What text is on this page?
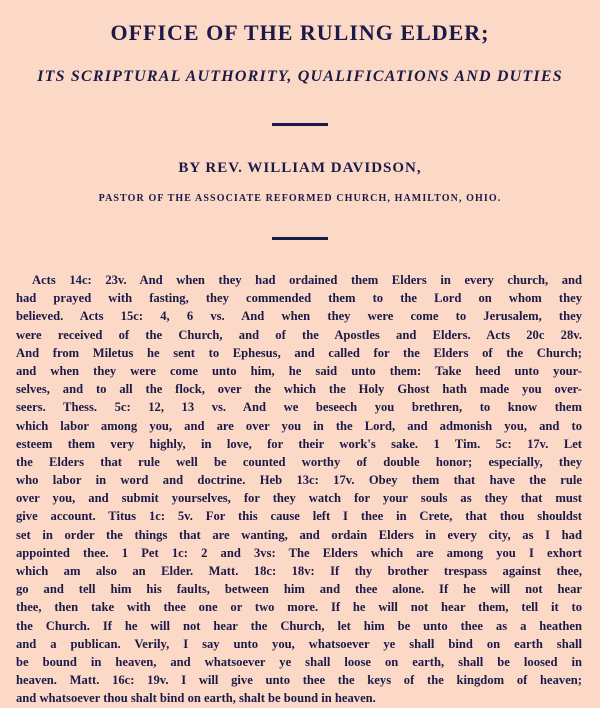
OFFICE OF THE RULING ELDER;
ITS SCRIPTURAL AUTHORITY, QUALIFICATIONS AND DUTIES
BY REV. WILLIAM DAVIDSON,
PASTOR OF THE ASSOCIATE REFORMED CHURCH, HAMILTON, OHIO.
Acts 14c: 23v. And when they had ordained them Elders in every church, and
had prayed with fasting, they commended them to the Lord on whom they
believed. Acts 15c: 4, 6 vs. And when they were come to Jerusalem, they
were received of the Church, and of the Apostles and Elders. Acts 20c 28v.
And from Miletus he sent to Ephesus, and called for the Elders of the Church;
and when they were come unto him, he said unto them: Take heed unto your-
selves, and to all the flock, over the which the Holy Ghost hath made you over-
seers. Thess. 5c: 12, 13 vs. And we beseech you brethren, to know them
which labor among you, and are over you in the Lord, and admonish you, and to
esteem them very highly, in love, for their work's sake. 1 Tim. 5c: 17v. Let
the Elders that rule well be counted worthy of double honor; especially, they
who labor in word and doctrine. Heb 13c: 17v. Obey them that have the rule
over you, and submit yourselves, for they watch for your souls as they that must
give account. Titus 1c: 5v. For this cause left I thee in Crete, that thou shouldst
set in order the things that are wanting, and ordain Elders in every city, as I had
appointed thee. 1 Pet 1c: 2 and 3vs: The Elders which are among you I exhort
which am also an Elder. Matt. 18c: 18v: If thy brother trespass against thee,
go and tell him his faults, between him and thee alone. If he will not hear
thee, then take with thee one or two more. If he will not hear them, tell it to
the Church. If he will not hear the Church, let him be unto thee as a heathen
and a publican. Verily, I say unto you, whatsoever ye shall bind on earth shall
be bound in heaven, and whatsoever ye shall loose on earth, shall be loosed in
heaven. Matt. 16c: 19v. I will give unto thee the keys of the kingdom of heaven;
and whatsoever thou shalt bind on earth, shalt be bound in heaven.
